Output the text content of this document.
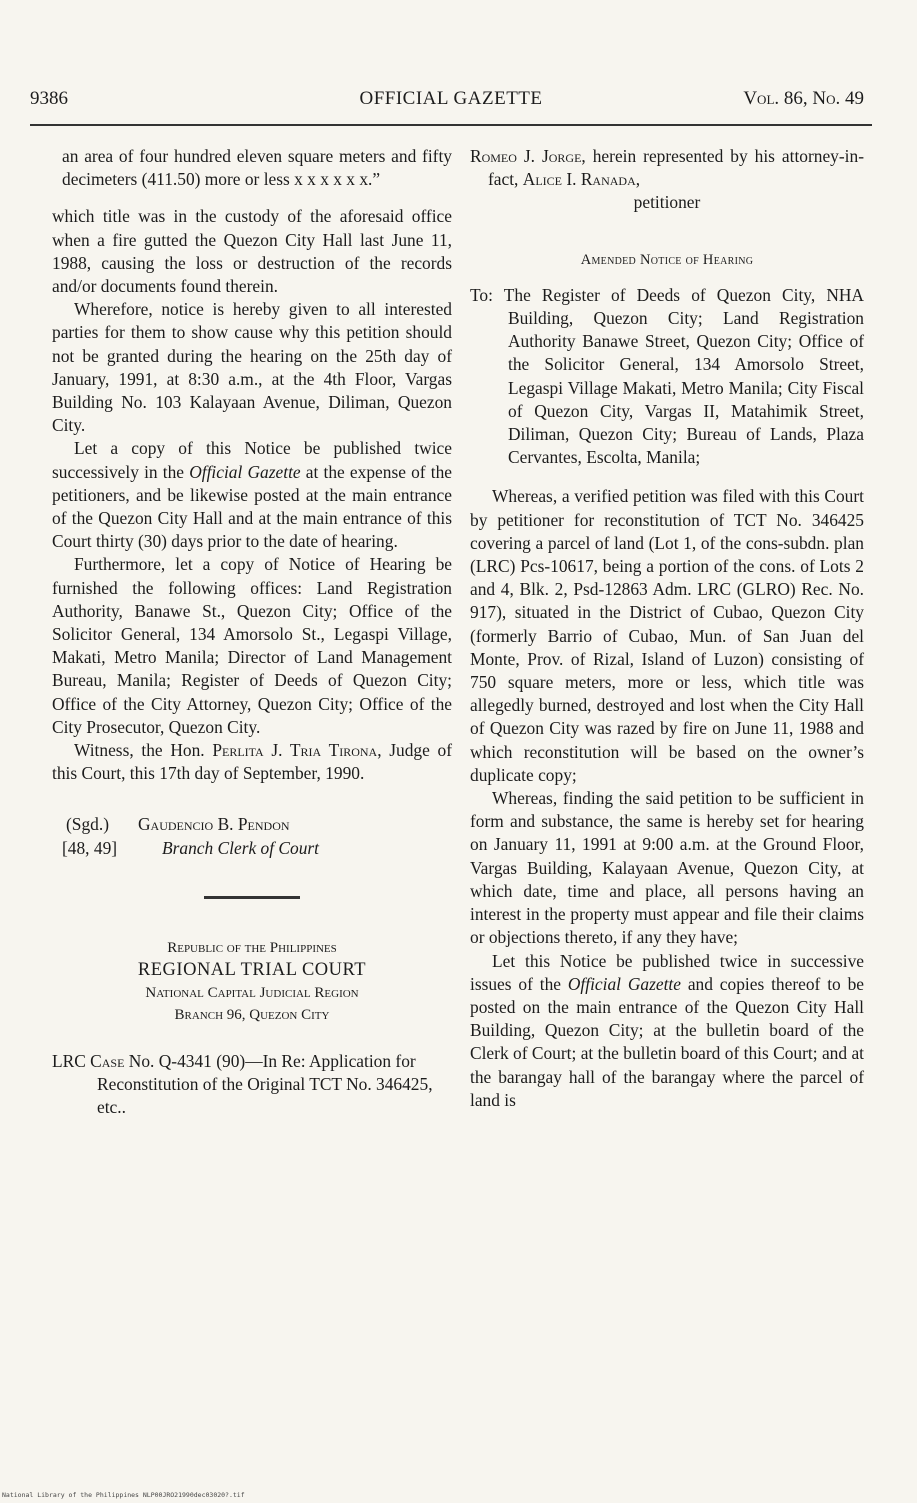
9386	OFFICIAL GAZETTE	Vol. 86, No. 49

an area of four hundred eleven square meters and fifty decimeters (411.50) more or less x x x x x x.”

which title was in the custody of the aforesaid office when a fire gutted the Quezon City Hall last June 11, 1988, causing the loss or destruction of the records and/or documents found therein.

Wherefore, notice is hereby given to all interested parties for them to show cause why this petition should not be granted during the hearing on the 25th day of January, 1991, at 8:30 a.m., at the 4th Floor, Vargas Building No. 103 Kalayaan Avenue, Diliman, Quezon City.

Let a copy of this Notice be published twice successively in the Official Gazette at the expense of the petitioners, and be likewise posted at the main entrance of the Quezon City Hall and at the main entrance of this Court thirty (30) days prior to the date of hearing.

Furthermore, let a copy of Notice of Hearing be furnished the following offices: Land Registration Authority, Banawe St., Quezon City; Office of the Solicitor General, 134 Amorsolo St., Legaspi Village, Makati, Metro Manila; Director of Land Management Bureau, Manila; Register of Deeds of Quezon City; Office of the City Attorney, Quezon City; Office of the City Prosecutor, Quezon City.

Witness, the Hon. Perlita J. Tria Tirona, Judge of this Court, this 17th day of September, 1990.

(Sgd.)	Gaudencio B. Pendon
[48, 49]	Branch Clerk of Court
Republic of the Philippines
REGIONAL TRIAL COURT
National Capital Judicial Region
Branch 96, Quezon City

LRC Case No. Q-4341 (90)—In Re: Application for Reconstitution of the Original TCT No. 346425, etc..

Romeo J. Jorge, herein represented by his attorney-in-fact, Alice I. Ranada,

petitioner

Amended Notice of Hearing

To: The Register of Deeds of Quezon City, NHA Building, Quezon City; Land Registration Authority Banawe Street, Quezon City; Office of the Solicitor General, 134 Amorsolo Street, Legaspi Village Makati, Metro Manila; City Fiscal of Quezon City, Vargas II, Matahimik Street, Diliman, Quezon City; Bureau of Lands, Plaza Cervantes, Escolta, Manila;

Whereas, a verified petition was filed with this Court by petitioner for reconstitution of TCT No. 346425 covering a parcel of land (Lot 1, of the cons-subdn. plan (LRC) Pcs-10617, being a portion of the cons. of Lots 2 and 4, Blk. 2, Psd-12863 Adm. LRC (GLRO) Rec. No. 917), situated in the District of Cubao, Quezon City (formerly Barrio of Cubao, Mun. of San Juan del Monte, Prov. of Rizal, Island of Luzon) consisting of 750 square meters, more or less, which title was allegedly burned, destroyed and lost when the City Hall of Quezon City was razed by fire on June 11, 1988 and which reconstitution will be based on the owner’s duplicate copy;

Whereas, finding the said petition to be sufficient in form and substance, the same is hereby set for hearing on January 11, 1991 at 9:00 a.m. at the Ground Floor, Vargas Building, Kalayaan Avenue, Quezon City, at which date, time and place, all persons having an interest in the property must appear and file their claims or objections thereto, if any they have;

Let this Notice be published twice in successive issues of the Official Gazette and copies thereof to be posted on the main entrance of the Quezon City Hall Building, Quezon City; at the bulletin board of the Clerk of Court; at the bulletin board of this Court; and at the barangay hall of the barangay where the parcel of land is

National Library of the Philippines NLP00JRO21990dec03020?.tif
